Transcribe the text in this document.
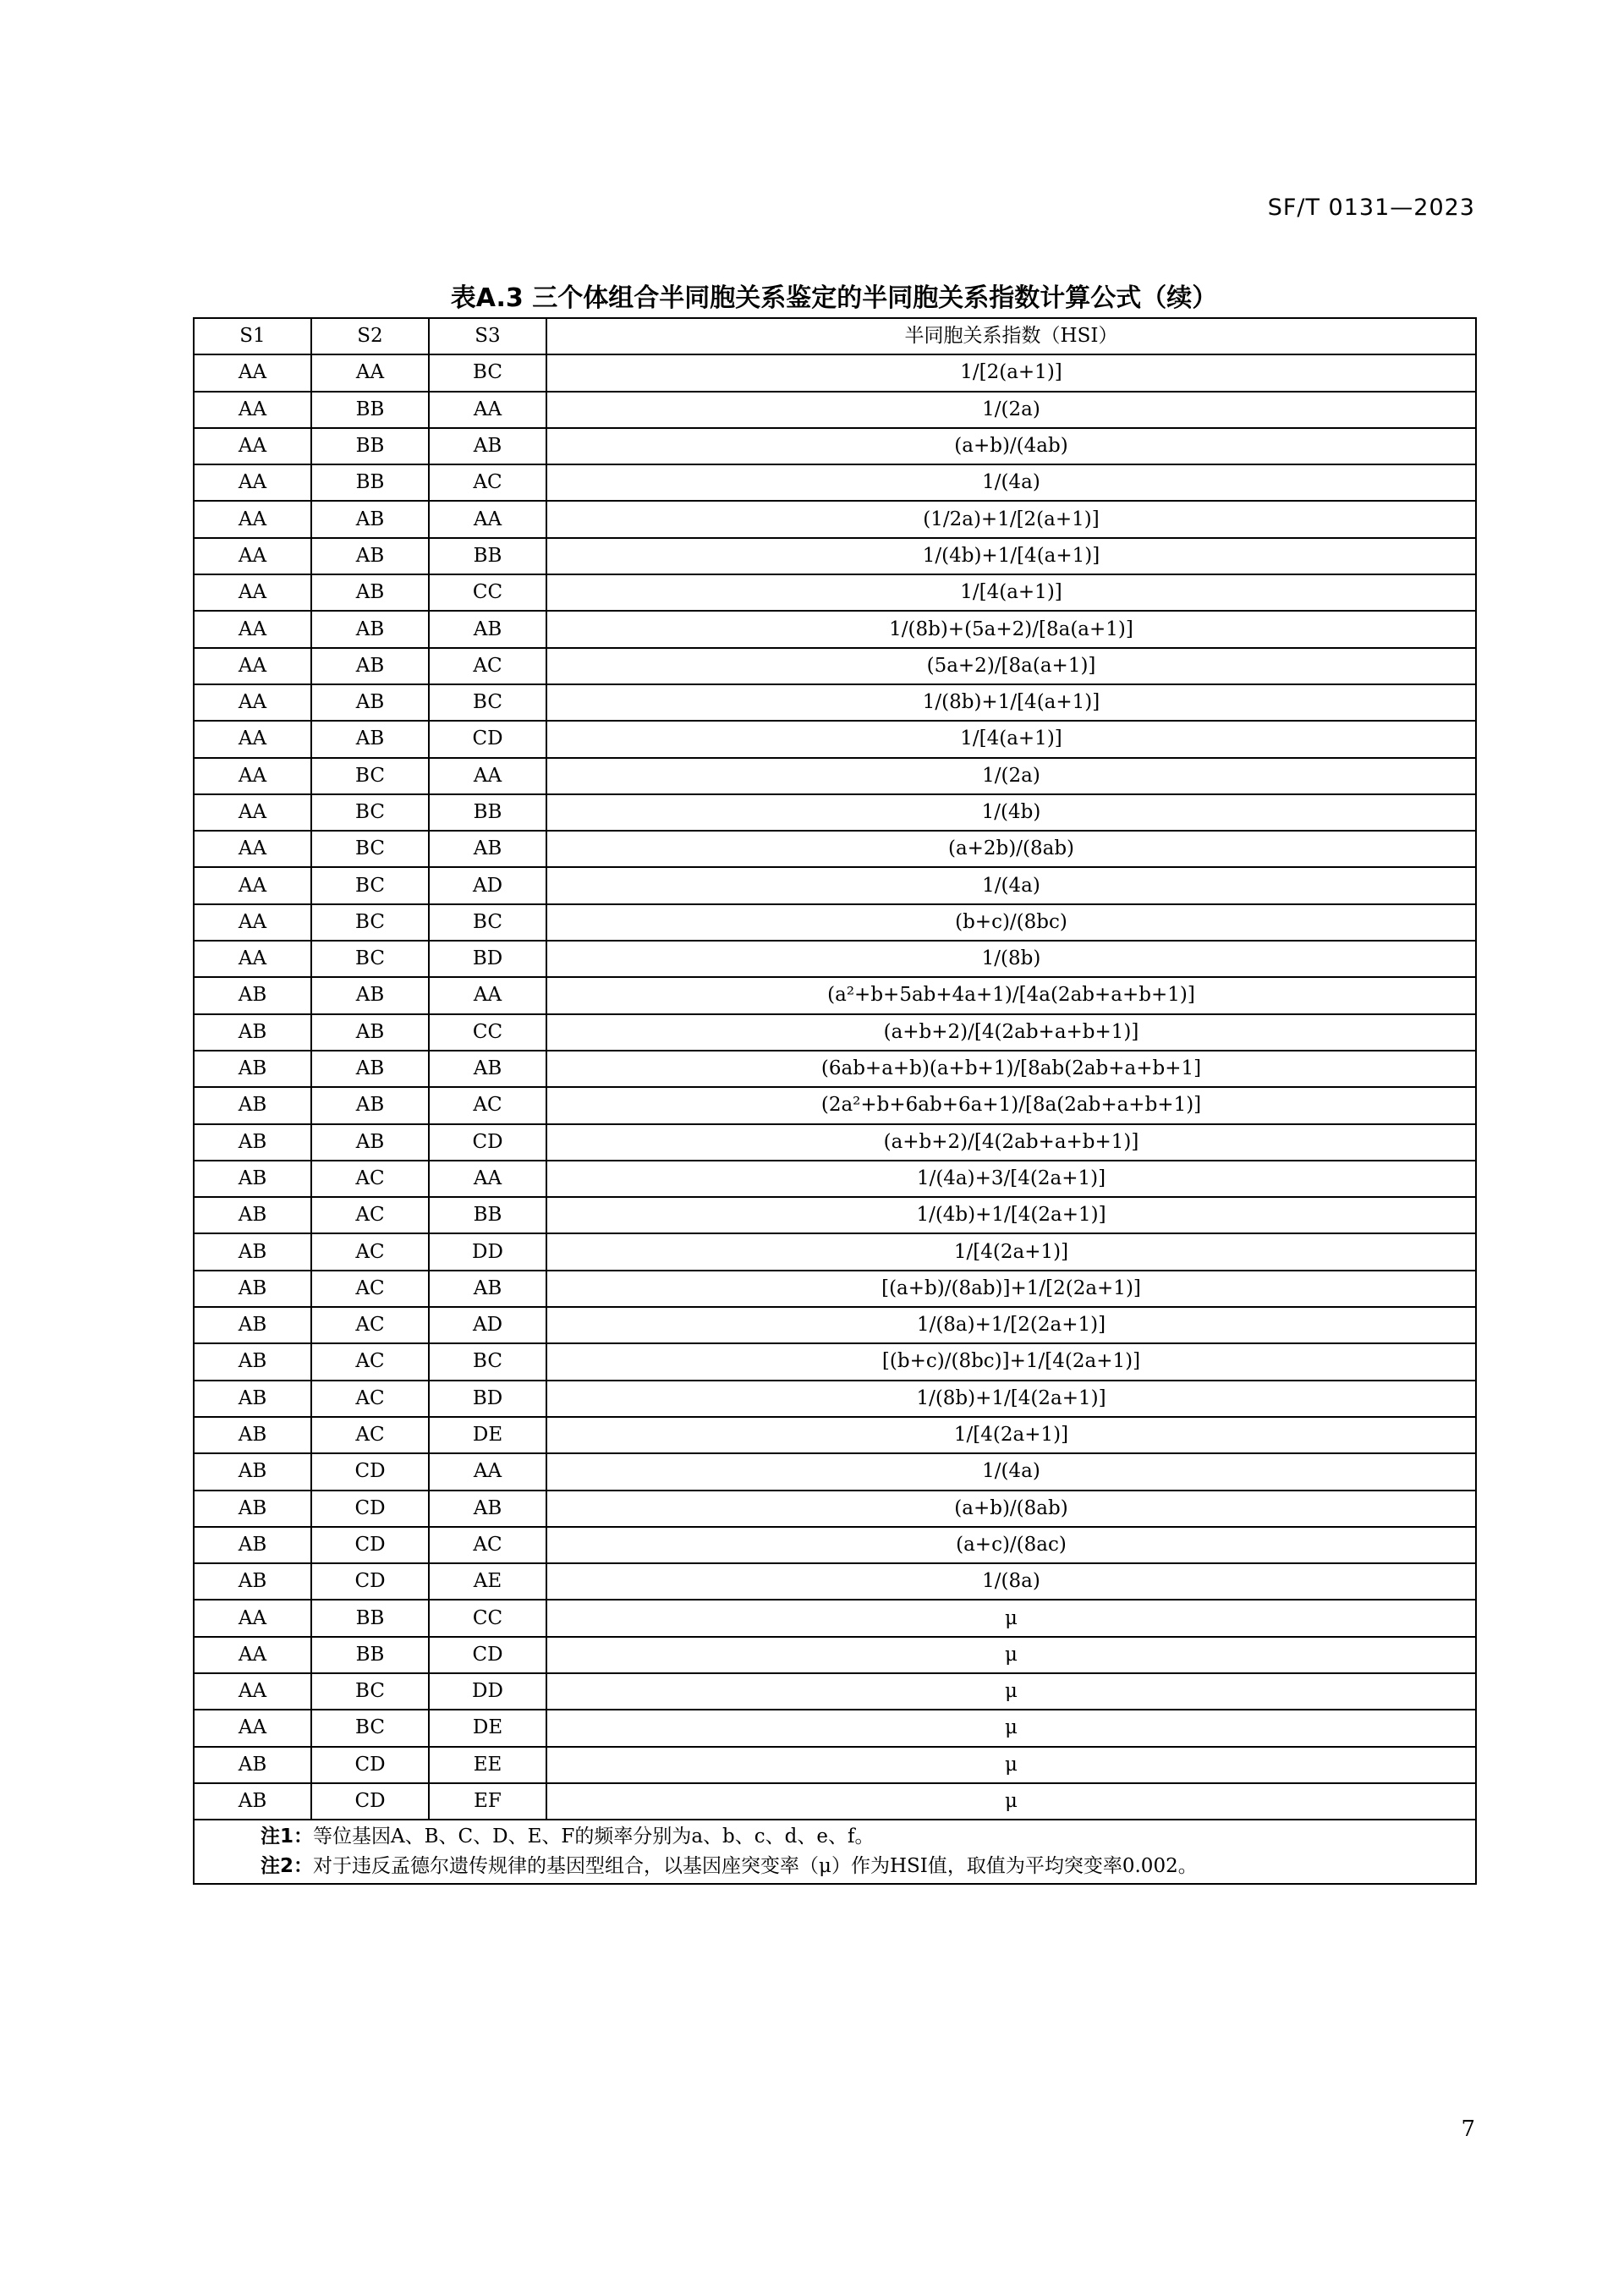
SF/T 0131—2023
表A.3 三个体组合半同胞关系鉴定的半同胞关系指数计算公式（续）
S1	S2	S3	半同胞关系指数（HSI）
AA	AA	BC	1/[2(a+1)]
AA	BB	AA	1/(2a)
AA	BB	AB	(a+b)/(4ab)
AA	BB	AC	1/(4a)
AA	AB	AA	(1/2a)+1/[2(a+1)]
AA	AB	BB	1/(4b)+1/[4(a+1)]
AA	AB	CC	1/[4(a+1)]
AA	AB	AB	1/(8b)+(5a+2)/[8a(a+1)]
AA	AB	AC	(5a+2)/[8a(a+1)]
AA	AB	BC	1/(8b)+1/[4(a+1)]
AA	AB	CD	1/[4(a+1)]
AA	BC	AA	1/(2a)
AA	BC	BB	1/(4b)
AA	BC	AB	(a+2b)/(8ab)
AA	BC	AD	1/(4a)
AA	BC	BC	(b+c)/(8bc)
AA	BC	BD	1/(8b)
AB	AB	AA	(a²+b+5ab+4a+1)/[4a(2ab+a+b+1)]
AB	AB	CC	(a+b+2)/[4(2ab+a+b+1)]
AB	AB	AB	(6ab+a+b)(a+b+1)/[8ab(2ab+a+b+1]
AB	AB	AC	(2a²+b+6ab+6a+1)/[8a(2ab+a+b+1)]
AB	AB	CD	(a+b+2)/[4(2ab+a+b+1)]
AB	AC	AA	1/(4a)+3/[4(2a+1)]
AB	AC	BB	1/(4b)+1/[4(2a+1)]
AB	AC	DD	1/[4(2a+1)]
AB	AC	AB	[(a+b)/(8ab)]+1/[2(2a+1)]
AB	AC	AD	1/(8a)+1/[2(2a+1)]
AB	AC	BC	[(b+c)/(8bc)]+1/[4(2a+1)]
AB	AC	BD	1/(8b)+1/[4(2a+1)]
AB	AC	DE	1/[4(2a+1)]
AB	CD	AA	1/(4a)
AB	CD	AB	(a+b)/(8ab)
AB	CD	AC	(a+c)/(8ac)
AB	CD	AE	1/(8a)
AA	BB	CC	μ
AA	BB	CD	μ
AA	BC	DD	μ
AA	BC	DE	μ
AB	CD	EE	μ
AB	CD	EF	μ

注1：等位基因A、B、C、D、E、F的频率分别为a、b、c、d、e、f。
注2：对于违反孟德尔遗传规律的基因型组合，以基因座突变率（μ）作为HSI值，取值为平均突变率0.002。			
7
